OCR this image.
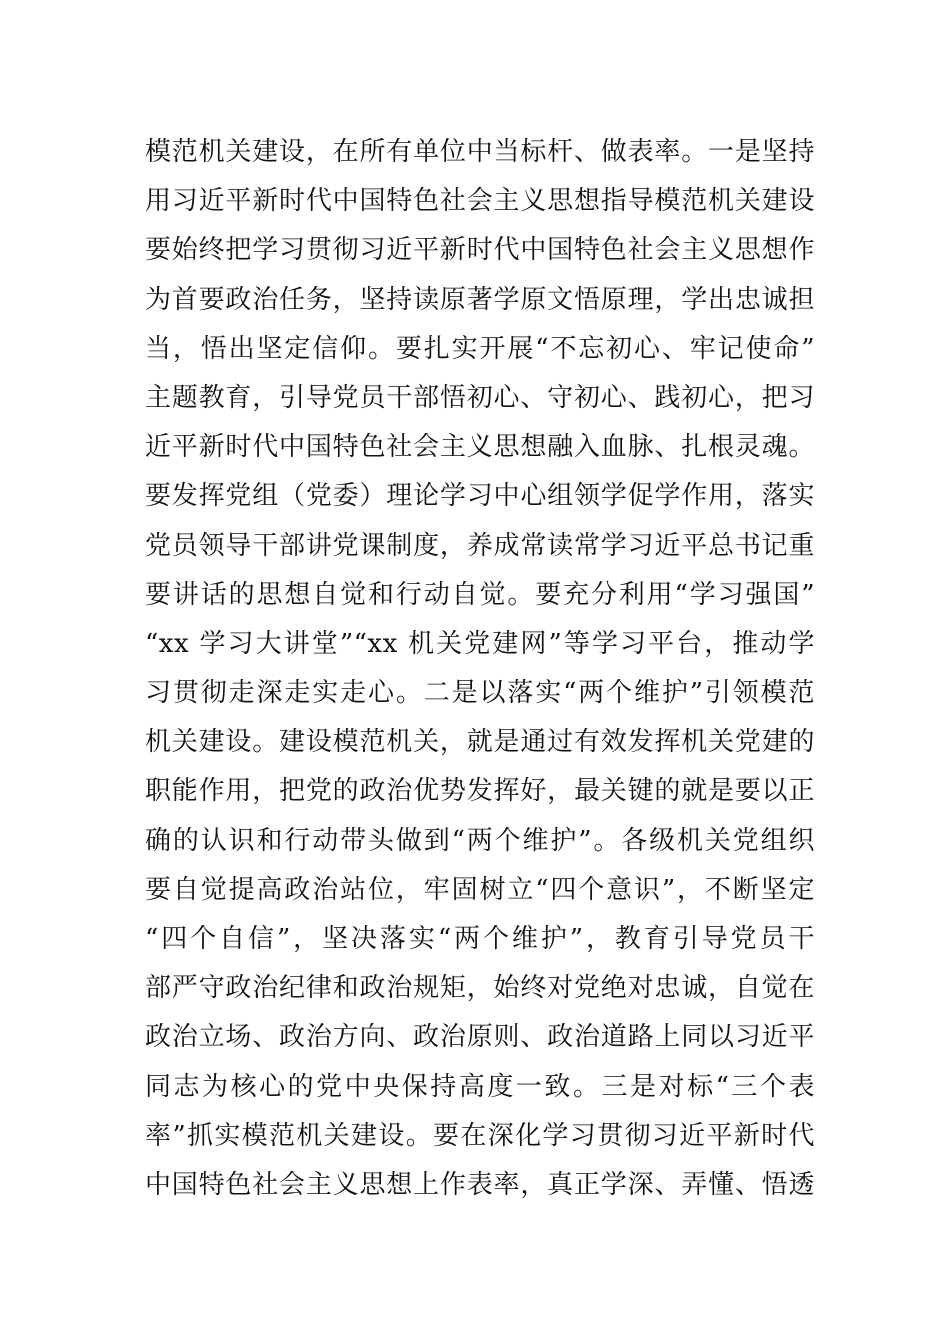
模范机关建设，在所有单位中当标杆、做表率。一是坚持
用习近平新时代中国特色社会主义思想指导模范机关建设
要始终把学习贯彻习近平新时代中国特色社会主义思想作
为首要政治任务，坚持读原著学原文悟原理，学出忠诚担
当，悟出坚定信仰。要扎实开展“不忘初心、牢记使命”
主题教育，引导党员干部悟初心、守初心、践初心，把习
近平新时代中国特色社会主义思想融入血脉、扎根灵魂。
要发挥党组（党委）理论学习中心组领学促学作用，落实
党员领导干部讲党课制度，养成常读常学习近平总书记重
要讲话的思想自觉和行动自觉。要充分利用“学习强国”
“xx 学习大讲堂”“xx 机关党建网”等学习平台，推动学
习贯彻走深走实走心。二是以落实“两个维护”引领模范
机关建设。建设模范机关，就是通过有效发挥机关党建的
职能作用，把党的政治优势发挥好，最关键的就是要以正
确的认识和行动带头做到“两个维护”。各级机关党组织
要自觉提高政治站位，牢固树立“四个意识”，不断坚定
“四个自信”，坚决落实“两个维护”，教育引导党员干
部严守政治纪律和政治规矩，始终对党绝对忠诚，自觉在
政治立场、政治方向、政治原则、政治道路上同以习近平
同志为核心的党中央保持高度一致。三是对标“三个表
率”抓实模范机关建设。要在深化学习贯彻习近平新时代
中国特色社会主义思想上作表率，真正学深、弄懂、悟透
